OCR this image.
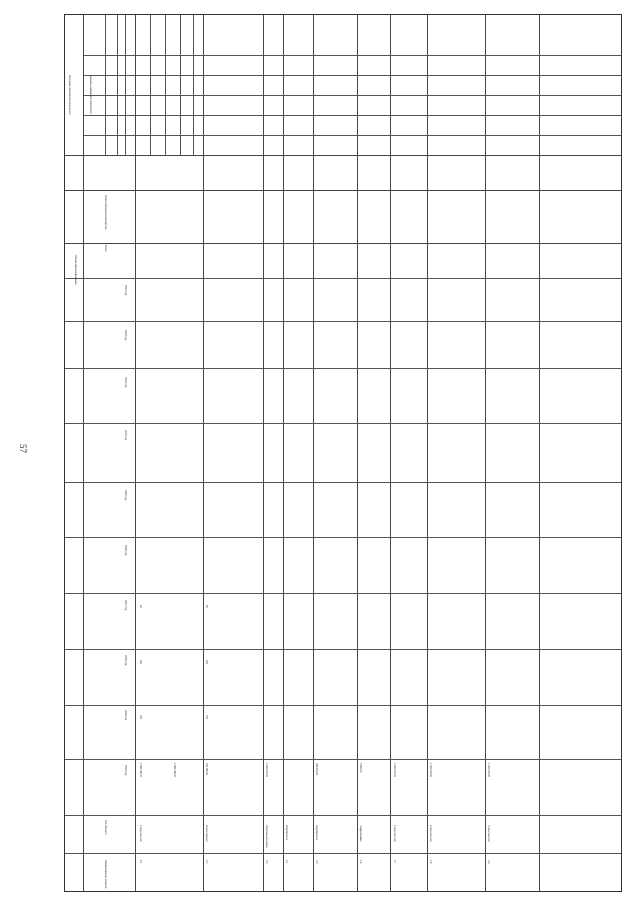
57
Объем финансирования
Значение показателя результата	Единица измерения показателя
2021 год
2022 год
2023 год
2024 год
2025 год
2026 год
2027 год
2028 год
2029 год
2030 год
Наименование объекта
Тип объекта
Всего
Ответственный исполнитель
1.1
Строительство
1 056 496,97
700
160
60
1 056 496,97
1.2
Реконструкция
212 180,00
700
120
90
1.3
Капитальный ремонт
1 000 000,00
1.4
Мероприятия
1.5
Мероприятия
259 500,00
1.6
Подпрограмма
3 800,00
1.7
Строительство
1 000 000,00
1.8
Строительство
1 000 000,00
1.9
Строительство
1 000 000,00
